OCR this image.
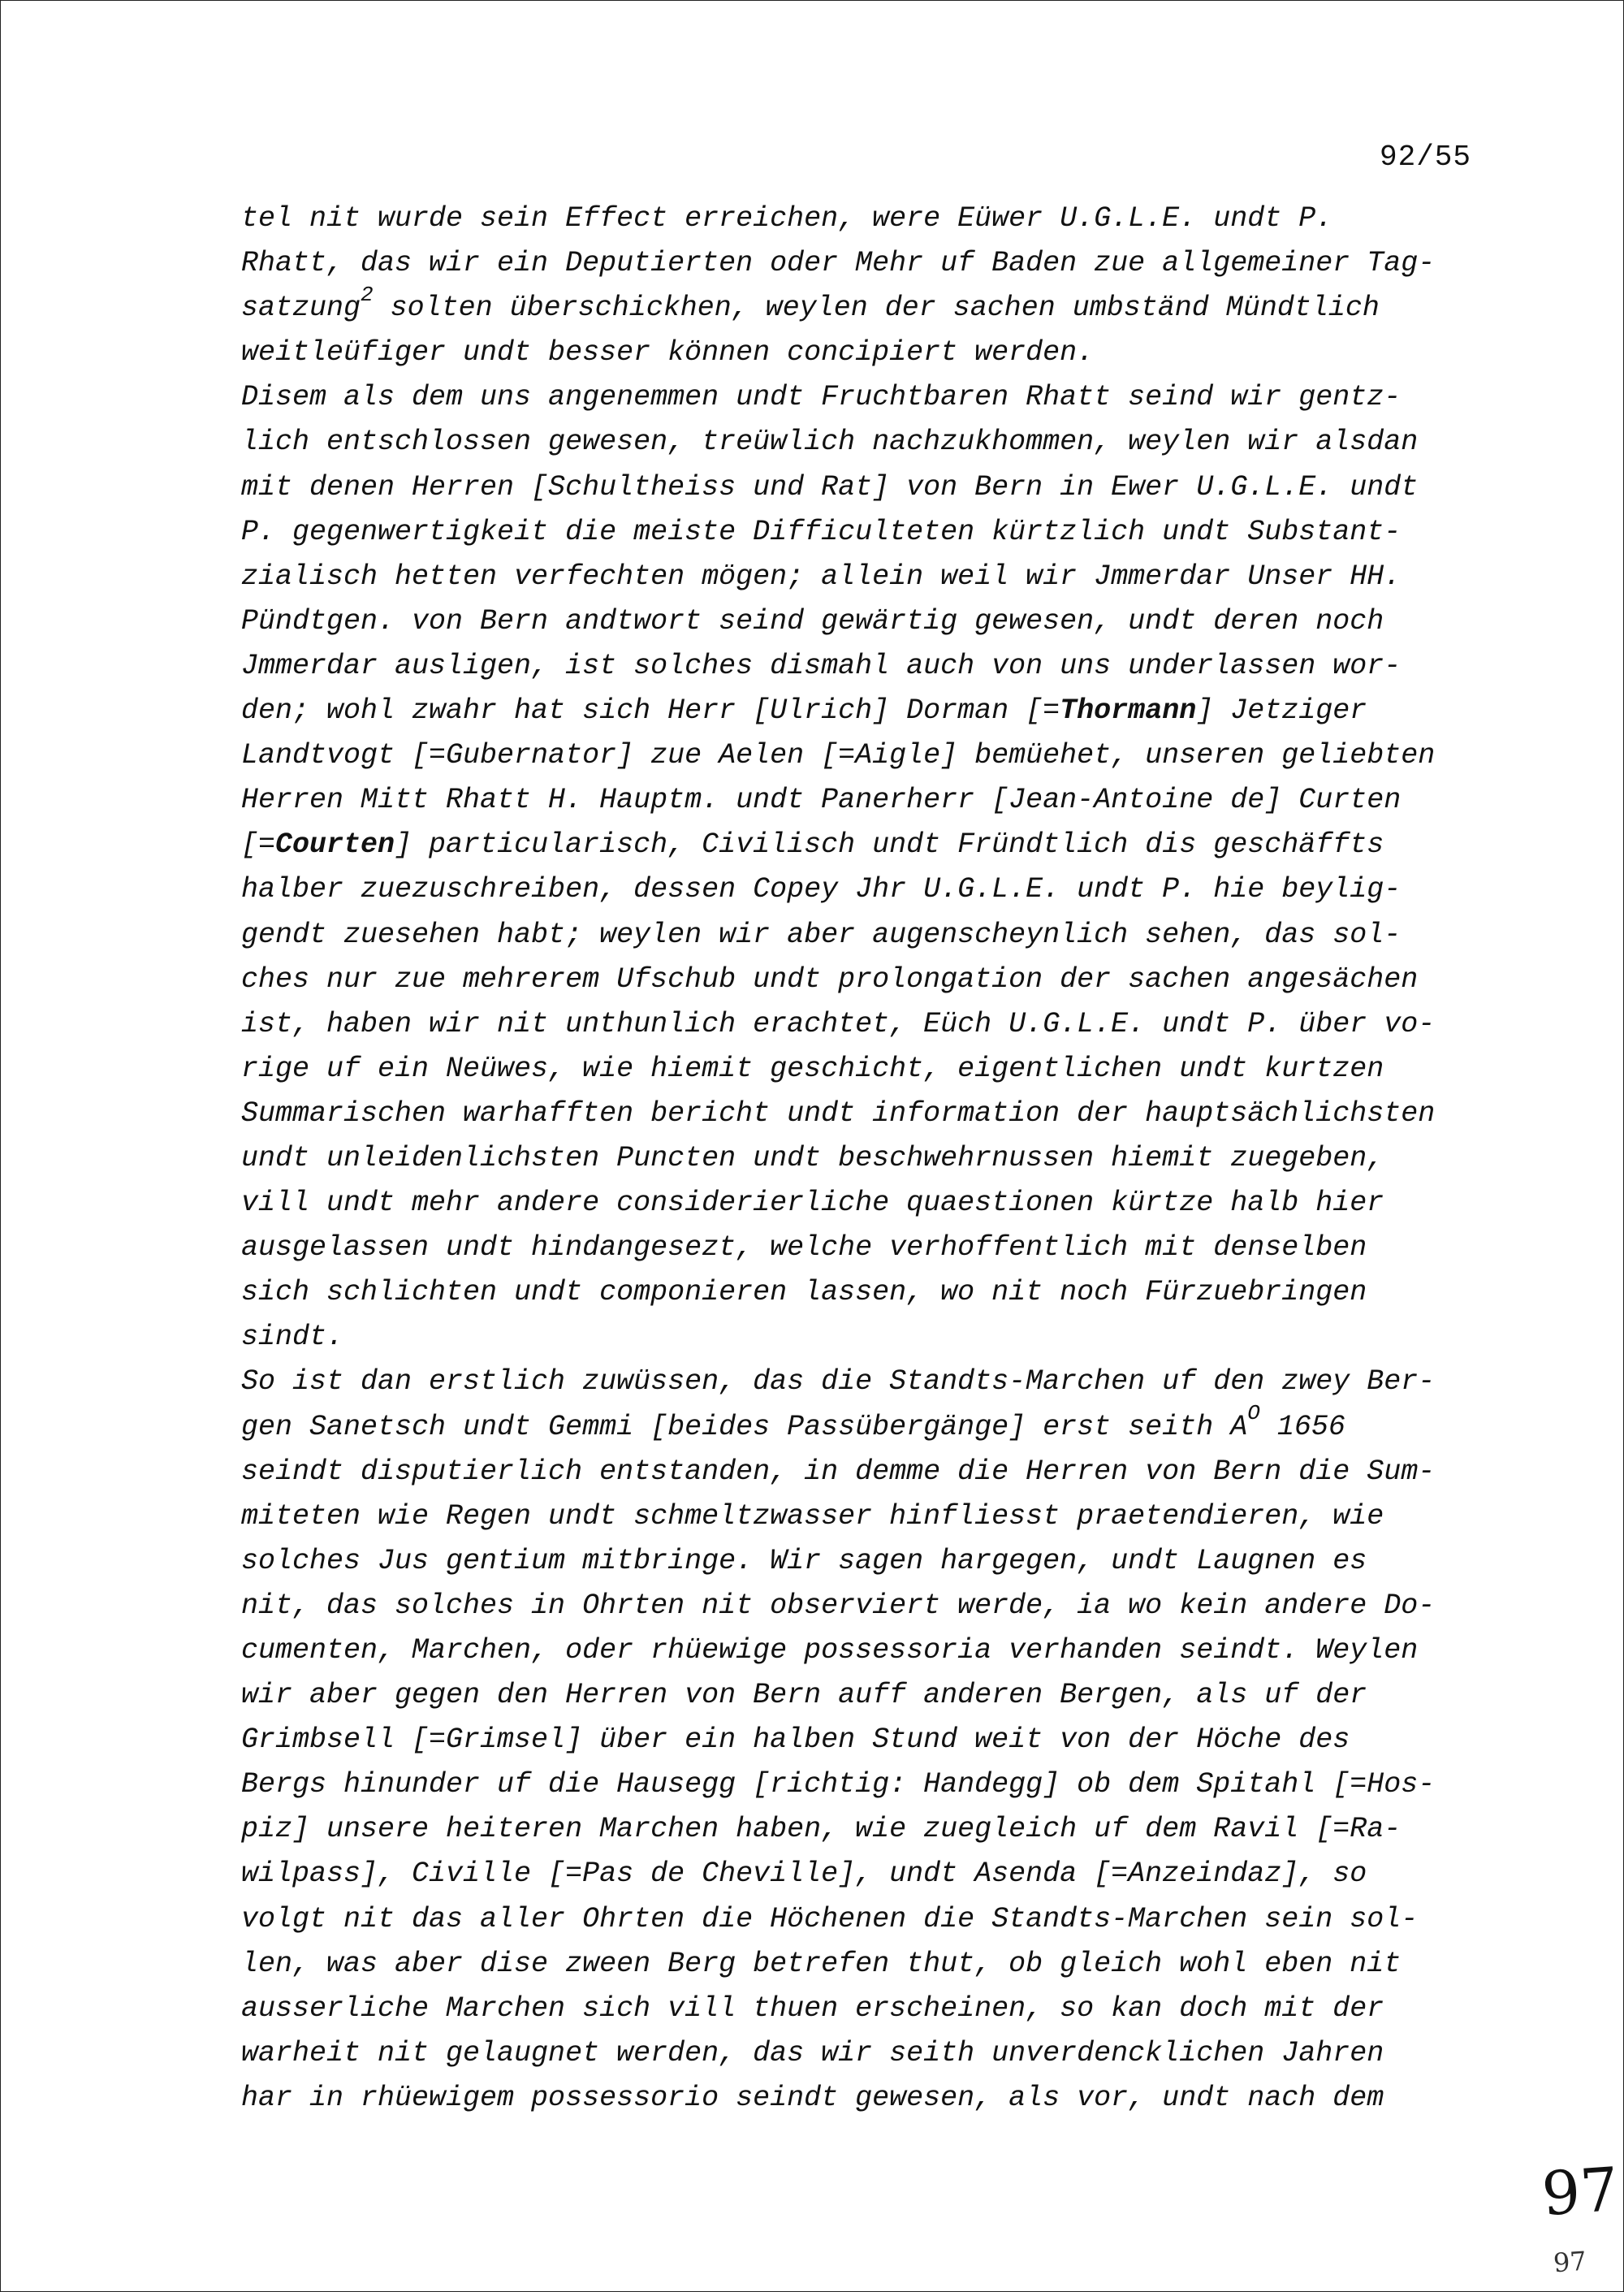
92/55
tel nit wurde sein Effect erreichen, were Eüwer U.G.L.E. undt P.
Rhatt, das wir ein Deputierten oder Mehr uf Baden zue allgemeiner Tag-
satzung$^2$ solten überschickhen, weylen der sachen umbständ Mündtlich
weitleüfiger undt besser können concipiert werden.
Disem als dem uns angenemmen undt Fruchtbaren Rhatt seind wir gentz-
lich entschlossen gewesen, treüwlich nachzukhommen, weylen wir alsdan
mit denen Herren [Schultheiss und Rat] von Bern in Ewer U.G.L.E. undt
P. gegenwertigkeit die meiste Difficulteten kürtzlich undt Substant-
zialisch hetten verfechten mögen; allein weil wir Jmmerdar Unser HH.
Pündtgen. von Bern andtwort seind gewärtig gewesen, undt deren noch
Jmmerdar ausligen, ist solches dismahl auch von uns underlassen wor-
den; wohl zwahr hat sich Herr [Ulrich] Dorman [=Thormann] Jetziger
Landtvogt [=Gubernator] zue Aelen [=Aigle] bemüehet, unseren geliebten
Herren Mitt Rhatt H. Hauptm. undt Panerherr [Jean-Antoine de] Curten
[=Courten] particularisch, Civilisch undt Fründtlich dis geschäffts
halber zuezuschreiben, dessen Copey Jhr U.G.L.E. undt P. hie beylig-
gendt zuesehen habt; weylen wir aber augenscheynlich sehen, das sol-
ches nur zue mehrerem Ufschub undt prolongation der sachen angesächen
ist, haben wir nit unthunlich erachtet, Eüch U.G.L.E. undt P. über vo-
rige uf ein Neüwes, wie hiemit geschicht, eigentlichen undt kurtzen
Summarischen warhafften bericht undt information der hauptsächlichsten
undt unleidenlichsten Puncten undt beschwehrnussen hiemit zuegeben,
vill undt mehr andere considerierliche quaestionen kürtze halb hier
ausgelassen undt hindangesezt, welche verhoffentlich mit denselben
sich schlichten undt componieren lassen, wo nit noch Fürzuebringen
sindt.
So ist dan erstlich zuwüssen, das die Standts-Marchen uf den zwey Ber-
gen Sanetsch undt Gemmi [beides Passübergänge] erst seith $A^O$ 1656
seindt disputierlich entstanden, in demme die Herren von Bern die Sum-
miteten wie Regen undt schmeltzwasser hinfliesst praetendieren, wie
solches Jus gentium mitbringe. Wir sagen hargegen, undt Laugnen es
nit, das solches in Ohrten nit observiert werde, ia wo kein andere Do-
cumenten, Marchen, oder rhüewige possessoria verhanden seindt. Weylen
wir aber gegen den Herren von Bern auff anderen Bergen, als uf der
Grimbsell [=Grimsel] über ein halben Stund weit von der Höche des
Bergs hinunder uf die Hausegg [richtig: Handegg] ob dem Spitahl [=Hos-
piz] unsere heiteren Marchen haben, wie zuegleich uf dem Ravil [=Ra-
wilpass], Civille [=Pas de Cheville], undt Asenda [=Anzeindaz], so
volgt nit das aller Ohrten die Höchenen die Standts-Marchen sein sol-
len, was aber dise zween Berg betrefen thut, ob gleich wohl eben nit
ausserliche Marchen sich vill thuen erscheinen, so kan doch mit der
warheit nit gelaugnet werden, das wir seith unverdencklichen Jahren
har in rhüewigem possessorio seindt gewesen, als vor, undt nach dem
97
97
